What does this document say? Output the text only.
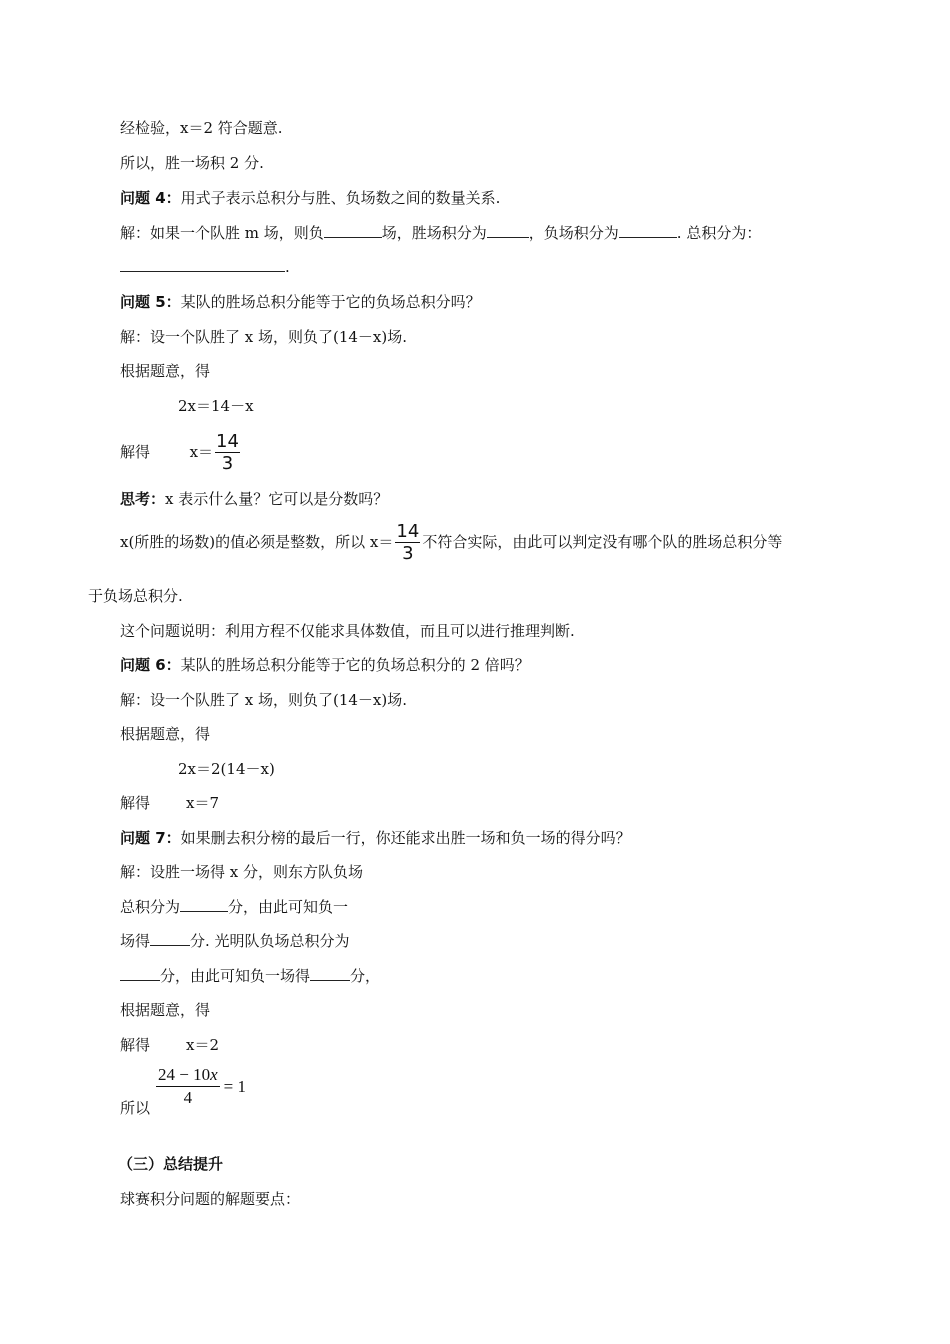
经检验，x＝2 符合题意.
所以，胜一场积 2 分.
问题 4：用式子表示总积分与胜、负场数之间的数量关系.
解：如果一个队胜 m 场，则负	场，胜场积分为	，负场积分为	. 总积分为：
.
问题 5：某队的胜场总积分能等于它的负场总积分吗？
解：设一个队胜了 x 场，则负了(14－x)场.
根据题意，得
2x＝14－x
解得	$x= \frac{14}{3}$
思考：x 表示什么量？它可以是分数吗？
x(所胜的场数)的值必须是整数，所以 $x= \frac{14}{3}$ 不符合实际，由此可以判定没有哪个队的胜场总积分等
于负场总积分.
这个问题说明：利用方程不仅能求具体数值，而且可以进行推理判断.
问题 6：某队的胜场总积分能等于它的负场总积分的 2 倍吗？
解：设一个队胜了 x 场，则负了(14－x)场.
根据题意，得
2x＝2(14－x)
解得 x＝7
问题 7：如果删去积分榜的最后一行，你还能求出胜一场和负一场的得分吗？
解：设胜一场得 x 分，则东方队负场
总积分为	分，由此可知负一
场得	分. 光明队负场总积分为
分，由此可知负一场得	分，
根据题意，得
解得 x＝2
所以 $\frac{24 - 10x}{4} = 1$
（三）总结提升
球赛积分问题的解题要点：
